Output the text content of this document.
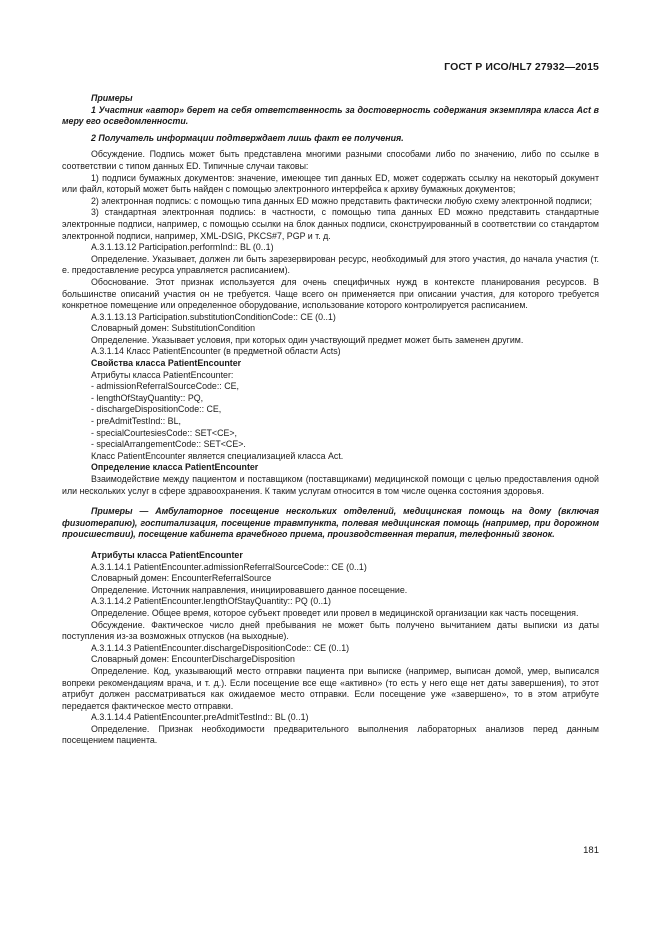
ГОСТ Р ИСО/HL7 27932—2015

Примеры

1 Участник «автор» берет на себя ответственность за достоверность содержания экземпляра класса Act в меру его осведомленности.

2 Получатель информации подтверждает лишь факт ее получения.

Обсуждение. Подпись может быть представлена многими разными способами либо по значению, либо по ссылке в соответствии с типом данных ED. Типичные случаи таковы:

1) подписи бумажных документов: значение, имеющее тип данных ED, может содержать ссылку на некоторый документ или файл, который может быть найден с помощью электронного интерфейса к архиву бумажных документов;

2) электронная подпись: с помощью типа данных ED можно представить фактически любую схему электронной подписи;

3) стандартная электронная подпись: в частности, с помощью типа данных ED можно представить стандартные электронные подписи, например, с помощью ссылки на блок данных подписи, сконструированный в соответствии со стандартом электронной подписи, например, XML-DSIG, PKCS#7, PGP и т. д.

A.3.1.13.12 Participation.performInd:: BL (0..1)

Определение. Указывает, должен ли быть зарезервирован ресурс, необходимый для этого участия, до начала участия (т. е. предоставление ресурса управляется расписанием).

Обоснование. Этот признак используется для очень специфичных нужд в контексте планирования ресурсов. В большинстве описаний участия он не требуется. Чаще всего он применяется при описании участия, для которого требуется конкретное помещение или определенное оборудование, использование которого контролируется расписанием.

A.3.1.13.13 Participation.substitutionConditionCode:: CE (0..1)

Словарный домен: SubstitutionCondition

Определение. Указывает условия, при которых один участвующий предмет может быть заменен другим.

A.3.1.14 Класс PatientEncounter (в предметной области Acts)

Свойства класса PatientEncounter

Атрибуты класса PatientEncounter:

- admissionReferralSourceCode:: CE,
- lengthOfStayQuantity:: PQ,
- dischargeDispositionCode:: CE,
- preAdmitTestInd:: BL,
- specialCourtesiesCode:: SET<CE>,
- specialArrangementCode:: SET<CE>.

Класс PatientEncounter является специализацией класса Act.

Определение класса PatientEncounter

Взаимодействие между пациентом и поставщиком (поставщиками) медицинской помощи с целью предоставления одной или нескольких услуг в сфере здравоохранения. К таким услугам относится в том числе оценка состояния здоровья.

Примеры — Амбулаторное посещение нескольких отделений, медицинская помощь на дому (включая физиотерапию), госпитализация, посещение травмпункта, полевая медицинская помощь (например, при дорожном происшествии), посещение кабинета врачебного приема, производственная терапия, телефонный звонок.

Атрибуты класса PatientEncounter

A.3.1.14.1 PatientEncounter.admissionReferralSourceCode:: CE (0..1)

Словарный домен: EncounterReferralSource

Определение. Источник направления, инициировавшего данное посещение.

A.3.1.14.2 PatientEncounter.lengthOfStayQuantity:: PQ (0..1)

Определение. Общее время, которое субъект проведет или провел в медицинской организации как часть посещения.

Обсуждение. Фактическое число дней пребывания не может быть получено вычитанием даты выписки из даты поступления из-за возможных отпусков (на выходные).

A.3.1.14.3 PatientEncounter.dischargeDispositionCode:: CE (0..1)

Словарный домен: EncounterDischargeDisposition

Определение. Код, указывающий место отправки пациента при выписке (например, выписан домой, умер, выписался вопреки рекомендациям врача, и т. д.). Если посещение все еще «активно» (то есть у него еще нет даты завершения), то этот атрибут должен рассматриваться как ожидаемое место отправки. Если посещение уже «завершено», то в этом атрибуте передается фактическое место отправки.

A.3.1.14.4 PatientEncounter.preAdmitTestInd:: BL (0..1)

Определение. Признак необходимости предварительного выполнения лабораторных анализов перед данным посещением пациента.

181
